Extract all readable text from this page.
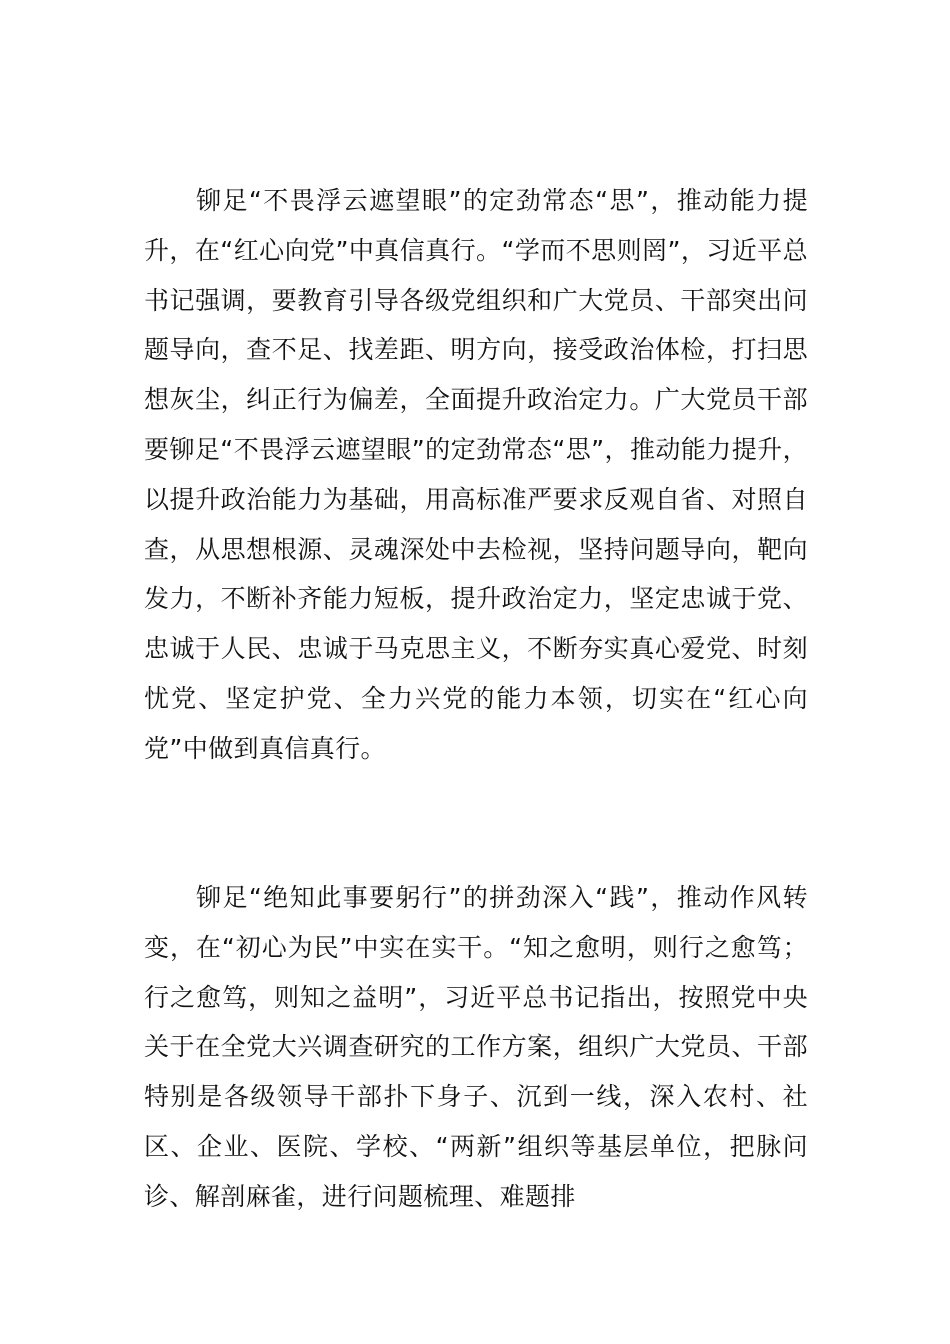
铆足“不畏浮云遮望眼”的定劲常态“思”，推动能力提升，在“红心向党”中真信真行。“学而不思则罔”，习近平总书记强调，要教育引导各级党组织和广大党员、干部突出问题导向，查不足、找差距、明方向，接受政治体检，打扫思想灰尘，纠正行为偏差，全面提升政治定力。广大党员干部要铆足“不畏浮云遮望眼”的定劲常态“思”，推动能力提升，以提升政治能力为基础，用高标准严要求反观自省、对照自查，从思想根源、灵魂深处中去检视，坚持问题导向，靶向发力，不断补齐能力短板，提升政治定力，坚定忠诚于党、忠诚于人民、忠诚于马克思主义，不断夯实真心爱党、时刻忧党、坚定护党、全力兴党的能力本领，切实在“红心向党”中做到真信真行。

铆足“绝知此事要躬行”的拼劲深入“践”，推动作风转变，在“初心为民”中实在实干。“知之愈明，则行之愈笃；行之愈笃，则知之益明”，习近平总书记指出，按照党中央关于在全党大兴调查研究的工作方案，组织广大党员、干部特别是各级领导干部扑下身子、沉到一线，深入农村、社区、企业、医院、学校、“两新”组织等基层单位，把脉问诊、解剖麻雀，进行问题梳理、难题排
